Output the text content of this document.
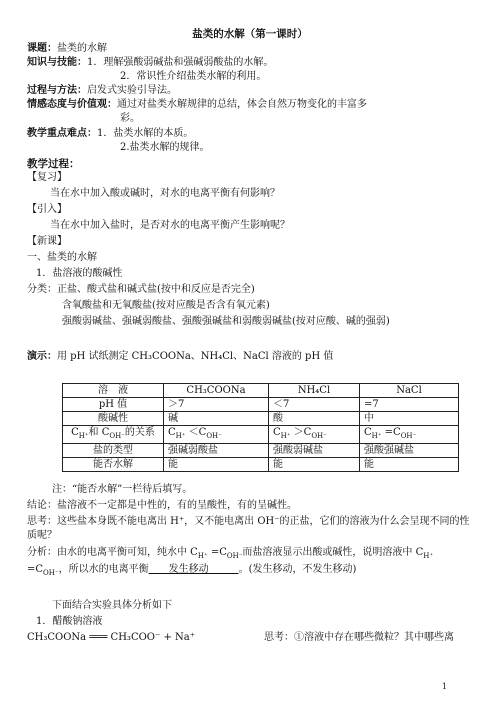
盐类的水解（第一课时）
课题：盐类的水解
知识与技能：1．理解强酸弱碱盐和强碱弱酸盐的水解。
2．常识性介绍盐类水解的利用。
过程与方法：启发式实验引导法。
情感态度与价值观：通过对盐类水解规律的总结，体会自然万物变化的丰富多
彩。
教学重点难点：1．盐类水解的本质。
2.盐类水解的规律。
教学过程：
【复习】
当在水中加入酸或碱时，对水的电离平衡有何影响？
【引入】
当在水中加入盐时，是否对水的电离平衡产生影响呢？
【新课】
一、盐类的水解
1．盐溶液的酸碱性
分类：正盐、酸式盐和碱式盐(按中和反应是否完全)
含氧酸盐和无氧酸盐(按对应酸是否含有氧元素)
强酸弱碱盐、强碱弱酸盐、强酸强碱盐和弱酸弱碱盐(按对应酸、碱的强弱)
演示：用 pH 试纸测定 CH₃COONa、NH₄Cl、NaCl 溶液的 pH 值
溶　液	CH₃COONa	NH₄Cl	NaCl
pH 值	＞7	＜7	=7
酸碱性	碱	酸	中
$C_{H^+}$和 $C_{OH^-}$的关系	$C_{H^+} <C_{OH^-}$	$C_{H^+} >C_{OH^-}$	$C_{H^+} =C_{OH^-}$
盐的类型	强碱弱酸盐	强酸弱碱盐	强酸强碱盐
能否水解	能	能	能
注：“能否水解”一栏待后填写。
结论：盐溶液不一定都是中性的，有的呈酸性，有的呈碱性。
思考：这些盐本身既不能电离出 H⁺，又不能电离出 OH⁻的正盐，它们的溶液为什么会呈现不同的性质呢？
分析：由水的电离平衡可知，纯水中 $C_{H^+} =C_{OH^-}$而盐溶液显示出酸或碱性，说明溶液中 $C_{H^+} =C_{OH^-}$，所以水的电离平衡　　发生移动　　　。(发生移动，不发生移动)
下面结合实验具体分析如下
1．醋酸钠溶液
CH₃COONa ═══ CH₃COO⁻ + Na⁺	思考：①溶液中存在哪些微粒？其中哪些离
1
